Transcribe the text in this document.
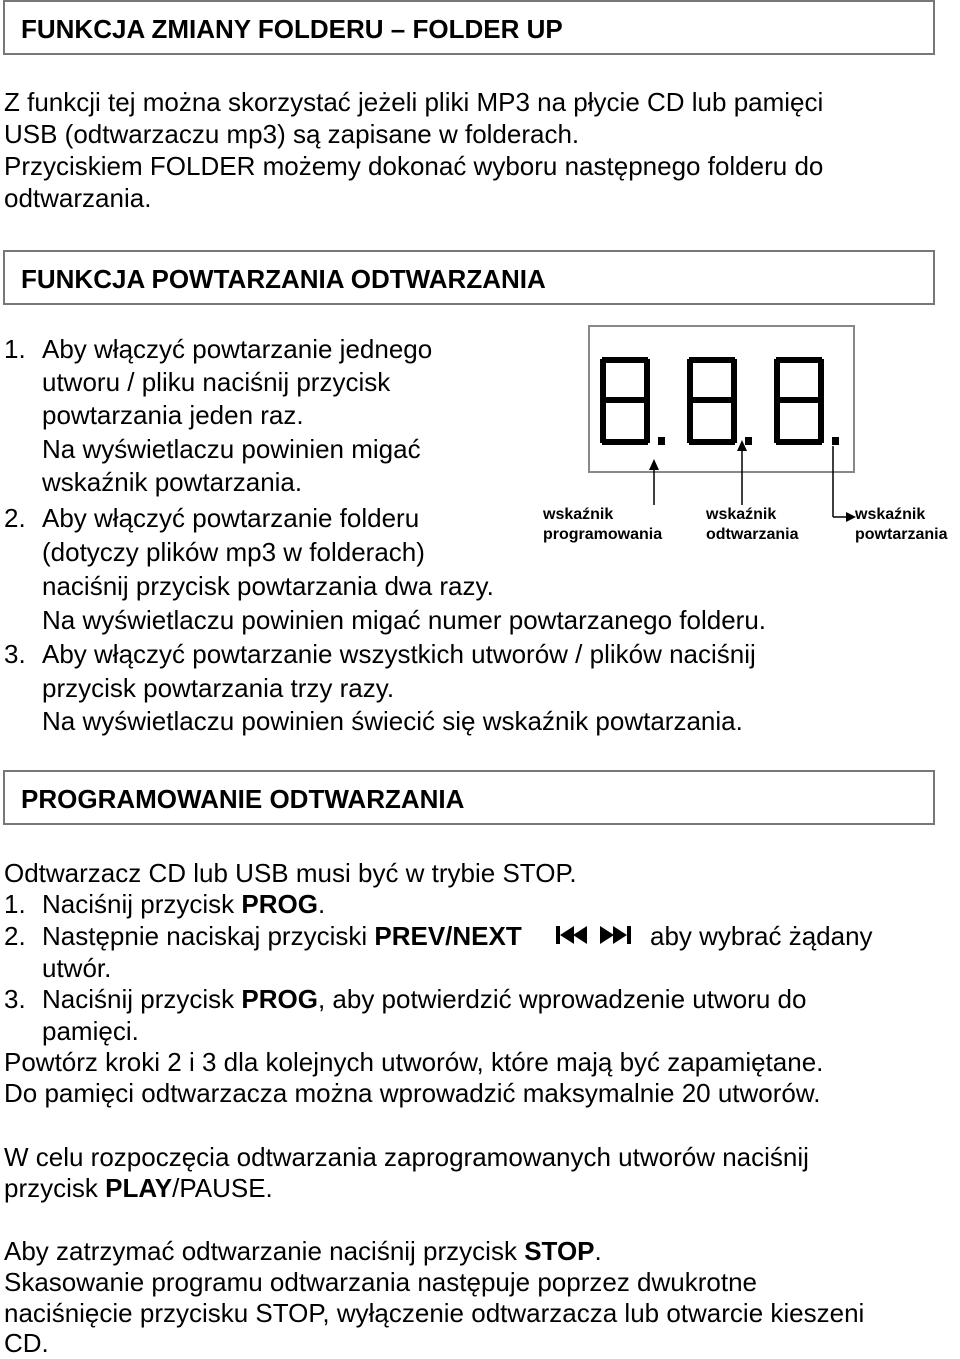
FUNKCJA ZMIANY FOLDERU – FOLDER UP
Z funkcji tej można skorzystać jeżeli pliki MP3 na płycie CD lub pamięci
USB (odtwarzaczu mp3) są zapisane w folderach.
Przyciskiem FOLDER możemy dokonać wyboru następnego folderu do
odtwarzania.
FUNKCJA POWTARZANIA ODTWARZANIA
1. Aby włączyć powtarzanie jednego
utworu / pliku naciśnij przycisk
powtarzania jeden raz.
Na wyświetlaczu powinien migać
wskaźnik powtarzania.
2. Aby włączyć powtarzanie folderu
(dotyczy plików mp3 w folderach)
naciśnij przycisk powtarzania dwa razy.
Na wyświetlaczu powinien migać numer powtarzanego folderu.
3. Aby włączyć powtarzanie wszystkich utworów / plików naciśnij
przycisk powtarzania trzy razy.
Na wyświetlaczu powinien świecić się wskaźnik powtarzania.
wskaźnik
programowania
wskaźnik
odtwarzania
wskaźnik
powtarzania
PROGRAMOWANIE ODTWARZANIA
Odtwarzacz CD lub USB musi być w trybie STOP.
1. Naciśnij przycisk PROG.
2. Następnie naciskaj przyciski PREV/NEXT	aby wybrać żądany
utwór.
3. Naciśnij przycisk PROG, aby potwierdzić wprowadzenie utworu do
pamięci.
Powtórz kroki 2 i 3 dla kolejnych utworów, które mają być zapamiętane.
Do pamięci odtwarzacza można wprowadzić maksymalnie 20 utworów.
W celu rozpoczęcia odtwarzania zaprogramowanych utworów naciśnij
przycisk PLAY/PAUSE.
Aby zatrzymać odtwarzanie naciśnij przycisk STOP.
Skasowanie programu odtwarzania następuje poprzez dwukrotne
naciśnięcie przycisku STOP, wyłączenie odtwarzacza lub otwarcie kieszeni
CD.
